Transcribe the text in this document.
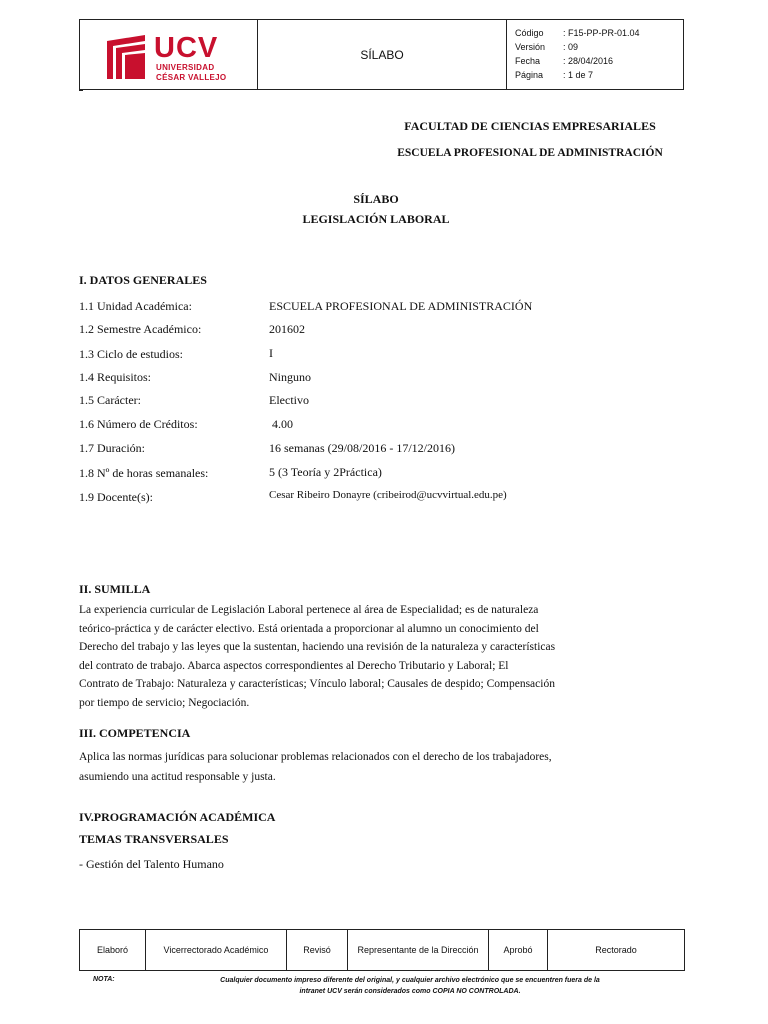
UCV
UNIVERSIDAD
CÉSAR VALLEJO
SÍLABO
Código	: F15-PP-PR-01.04
Versión	: 09
Fecha	: 28/04/2016
Página	: 1 de 7
FACULTAD DE CIENCIAS EMPRESARIALES
ESCUELA PROFESIONAL DE ADMINISTRACIÓN
SÍLABO
LEGISLACIÓN LABORAL
I. DATOS GENERALES
1.1 Unidad Académica:	ESCUELA PROFESIONAL DE ADMINISTRACIÓN
1.2 Semestre Académico:	201602
1.3 Ciclo de estudios:	I
1.4 Requisitos:	Ninguno
1.5 Carácter:	Electivo
1.6 Número de Créditos:	4.00
1.7 Duración:	16 semanas (29/08/2016 - 17/12/2016)
1.8 Nº de horas semanales:	5 (3 Teoría y 2Práctica)
1.9 Docente(s):	Cesar Ribeiro Donayre (cribeirod@ucvvirtual.edu.pe)
II. SUMILLA
La experiencia curricular de Legislación Laboral pertenece al área de Especialidad; es de naturaleza
teórico-práctica y de carácter electivo. Está orientada a proporcionar al alumno un conocimiento del
Derecho del trabajo y las leyes que la sustentan, haciendo una revisión de la naturaleza y características
del contrato de trabajo. Abarca aspectos correspondientes al Derecho Tributario y Laboral; El
Contrato de Trabajo: Naturaleza y características; Vínculo laboral; Causales de despido; Compensación
por tiempo de servicio; Negociación.
III. COMPETENCIA
Aplica las normas jurídicas para solucionar problemas relacionados con el derecho de los trabajadores,
asumiendo una actitud responsable y justa.
IV.PROGRAMACIÓN ACADÉMICA
TEMAS TRANSVERSALES
- Gestión del Talento Humano
Elaboró	Vicerrectorado Académico	Revisó	Representante de la Dirección	Aprobó	Rectorado
NOTA:	Cualquier documento impreso diferente del original, y cualquier archivo electrónico que se encuentren fuera de la
intranet UCV serán considerados como COPIA NO CONTROLADA.
